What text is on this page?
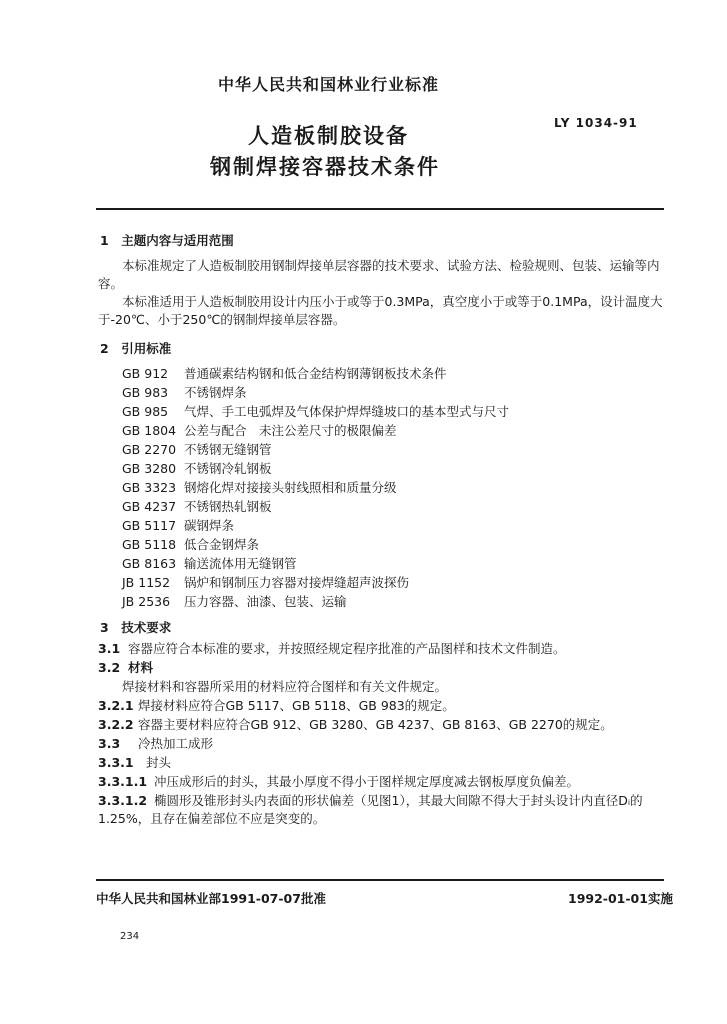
中华人民共和国林业行业标准
LY 1034-91
人造板制胶设备
钢制焊接容器技术条件
1　主题内容与适用范围
本标准规定了人造板制胶用钢制焊接单层容器的技术要求、试验方法、检验规则、包装、运输等内容。
本标准适用于人造板制胶用设计内压小于或等于0.3MPa，真空度小于或等于0.1MPa，设计温度大于-20℃、小于250℃的钢制焊接单层容器。
2　引用标准
GB 912 普通碳素结构钢和低合金结构钢薄钢板技术条件
GB 983 不锈钢焊条
GB 985 气焊、手工电弧焊及气体保护焊焊缝坡口的基本型式与尺寸
GB 1804 公差与配合　未注公差尺寸的极限偏差
GB 2270 不锈钢无缝钢管
GB 3280 不锈钢冷轧钢板
GB 3323 钢熔化焊对接接头射线照相和质量分级
GB 4237 不锈钢热轧钢板
GB 5117 碳钢焊条
GB 5118 低合金钢焊条
GB 8163 输送流体用无缝钢管
JB 1152 锅炉和钢制压力容器对接焊缝超声波探伤
JB 2536 压力容器、油漆、包装、运输
3　技术要求
3.1 容器应符合本标准的要求，并按照经规定程序批准的产品图样和技术文件制造。
3.2 材料
焊接材料和容器所采用的材料应符合图样和有关文件规定。
3.2.1 焊接材料应符合GB 5117、GB 5118、GB 983的规定。
3.2.2 容器主要材料应符合GB 912、GB 3280、GB 4237、GB 8163、GB 2270的规定。
3.3 冷热加工成形
3.3.1 封头
3.3.1.1 冲压成形后的封头，其最小厚度不得小于图样规定厚度减去钢板厚度负偏差。
3.3.1.2 椭圆形及锥形封头内表面的形状偏差（见图1），其最大间隙不得大于封头设计内直径Dᵢ的1.25%，且存在偏差部位不应是突变的。
中华人民共和国林业部1991-07-07批准	1992-01-01实施
234
